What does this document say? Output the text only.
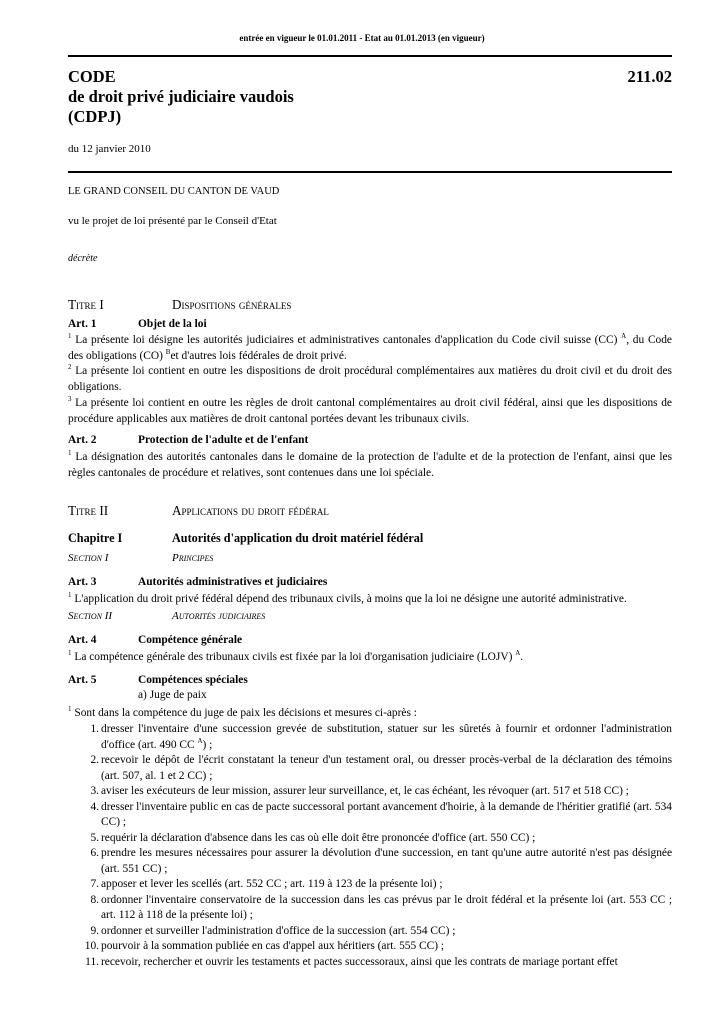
entrée en vigueur le 01.01.2011 - Etat au 01.01.2013 (en vigueur)
CODE
de droit privé judiciaire vaudois
(CDPJ)
211.02
du 12 janvier 2010
LE GRAND CONSEIL DU CANTON DE VAUD
vu le projet de loi présenté par le Conseil d'Etat
décrète
Titre I	Dispositions générales
Art. 1	Objet de la loi
$^1$ La présente loi désigne les autorités judiciaires et administratives cantonales d'application du Code civil suisse (CC) $^A$, du Code des obligations (CO) $^B$et d'autres lois fédérales de droit privé.
$^2$ La présente loi contient en outre les dispositions de droit procédural complémentaires aux matières du droit civil et du droit des obligations.
$^3$ La présente loi contient en outre les règles de droit cantonal complémentaires au droit civil fédéral, ainsi que les dispositions de procédure applicables aux matières de droit cantonal portées devant les tribunaux civils.
Art. 2	Protection de l'adulte et de l'enfant
$^1$ La désignation des autorités cantonales dans le domaine de la protection de l'adulte et de la protection de l'enfant, ainsi que les règles cantonales de procédure et relatives, sont contenues dans une loi spéciale.
Titre II	Applications du droit fédéral
Chapitre I	Autorités d'application du droit matériel fédéral
Section I	Principes
Art. 3	Autorités administratives et judiciaires
$^1$ L'application du droit privé fédéral dépend des tribunaux civils, à moins que la loi ne désigne une autorité administrative.
Section II	Autorités judiciaires
Art. 4	Compétence générale
$^1$ La compétence générale des tribunaux civils est fixée par la loi d'organisation judiciaire (LOJV) $^A$.
Art. 5	Compétences spéciales
a) Juge de paix
$^1$ Sont dans la compétence du juge de paix les décisions et mesures ci-après :
1. dresser l'inventaire d'une succession grevée de substitution, statuer sur les sûretés à fournir et ordonner l'administration d'office (art. 490 CC $^A$) ;
2. recevoir le dépôt de l'écrit constatant la teneur d'un testament oral, ou dresser procès-verbal de la déclaration des témoins (art. 507, al. 1 et 2 CC) ;
3. aviser les exécuteurs de leur mission, assurer leur surveillance, et, le cas échéant, les révoquer (art. 517 et 518 CC) ;
4. dresser l'inventaire public en cas de pacte successoral portant avancement d'hoirie, à la demande de l'héritier gratifié (art. 534 CC) ;
5. requérir la déclaration d'absence dans les cas où elle doit être prononcée d'office (art. 550 CC) ;
6. prendre les mesures nécessaires pour assurer la dévolution d'une succession, en tant qu'une autre autorité n'est pas désignée (art. 551 CC) ;
7. apposer et lever les scellés (art. 552 CC ; art. 119 à 123 de la présente loi) ;
8. ordonner l'inventaire conservatoire de la succession dans les cas prévus par le droit fédéral et la présente loi (art. 553 CC ; art. 112 à 118 de la présente loi) ;
9. ordonner et surveiller l'administration d'office de la succession (art. 554 CC) ;
10. pourvoir à la sommation publiée en cas d'appel aux héritiers (art. 555 CC) ;
11. recevoir, rechercher et ouvrir les testaments et pactes successoraux, ainsi que les contrats de mariage portant effet
